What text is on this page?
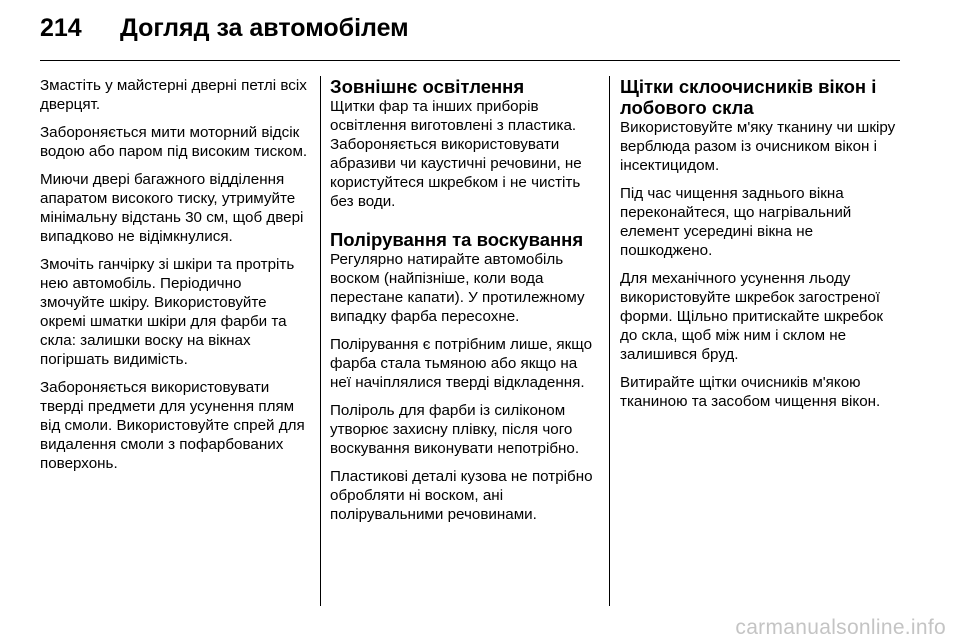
214 Догляд за автомобілем

Змастіть у майстерні дверні петлі всіх дверцят.

Забороняється мити моторний відсік водою або паром під високим тиском.

Миючи двері багажного відділення апаратом високого тиску, утримуйте мінімальну відстань 30 см, щоб двері випадково не відімкнулися.

Змочіть ганчірку зі шкіри та протріть нею автомобіль. Періодично змочуйте шкіру. Використовуйте окремі шматки шкіри для фарби та скла: залишки воску на вікнах погіршать видимість.

Забороняється використовувати тверді предмети для усунення плям від смоли. Використовуйте спрей для видалення смоли з пофарбованих поверхонь.

Зовнішнє освітлення

Щитки фар та інших приборів освітлення виготовлені з пластика. Забороняється використовувати абразиви чи каустичні речовини, не користуйтеся шкребком і не чистіть без води.

Полірування та воскування

Регулярно натирайте автомобіль воском (найпізніше, коли вода перестане капати). У протилежному випадку фарба пересохне.

Полірування є потрібним лише, якщо фарба стала тьмяною або якщо на неї начіплялися тверді відкладення.

Поліроль для фарби із силіконом утворює захисну плівку, після чого воскування виконувати непотрібно.

Пластикові деталі кузова не потрібно обробляти ні воском, ані полірувальними речовинами.

Щітки склоочисників вікон і лобового скла

Використовуйте м'яку тканину чи шкіру верблюда разом із очисником вікон і інсектицидом.

Під час чищення заднього вікна переконайтеся, що нагрівальний елемент усередині вікна не пошкоджено.

Для механічного усунення льоду використовуйте шкребок загостреної форми. Щільно притискайте шкребок до скла, щоб між ним і склом не залишився бруд.

Витирайте щітки очисників м'якою тканиною та засобом чищення вікон.

carmanualsonline.info
